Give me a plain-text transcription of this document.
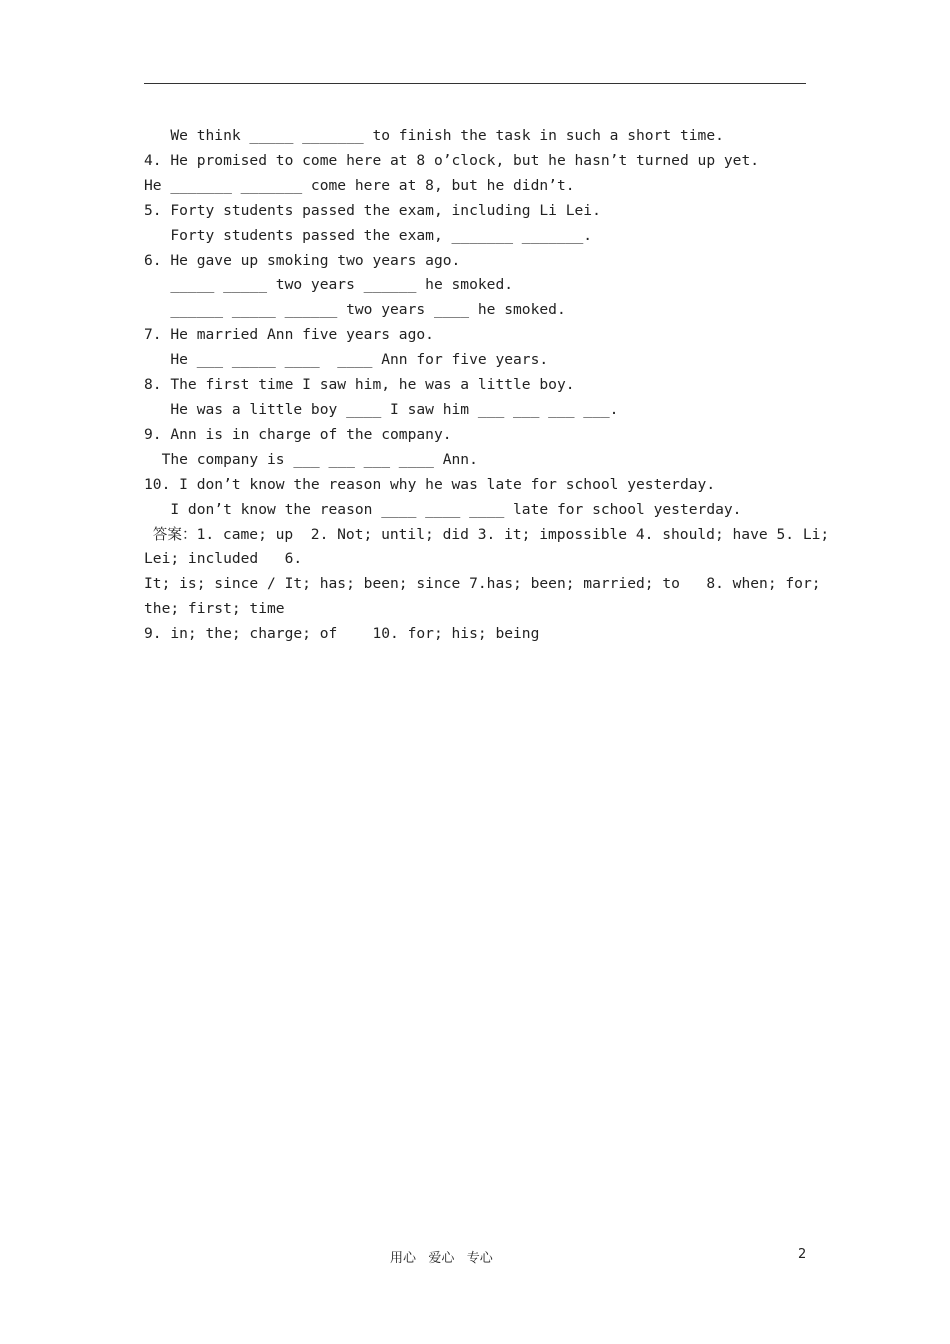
We think _____ _______ to finish the task in such a short time.
4. He promised to come here at 8 o’clock, but he hasn’t turned up yet.
He _______ _______ come here at 8, but he didn’t.
5. Forty students passed the exam, including Li Lei.
Forty students passed the exam, _______ _______.
6. He gave up smoking two years ago.
_____ _____ two years ______ he smoked.
______ _____ ______ two years ____ he smoked.
7. He married Ann five years ago.
He ___ _____ ____  ____ Ann for five years.
8. The first time I saw him, he was a little boy.
He was a little boy ____ I saw him ___ ___ ___ ___.
9. Ann is in charge of the company.
The company is ___ ___ ___ ____ Ann.
10. I don’t know the reason why he was late for school yesterday.
I don’t know the reason ____ ____ ____ late for school yesterday.
答案：1. came; up  2. Not; until; did 3. it; impossible 4. should; have 5. Li;
Lei; included   6.
It; is; since / It; has; been; since 7.has; been; married; to   8. when; for;
the; first; time
9. in; the; charge; of    10. for; his; being
用心   爱心   专心	2
